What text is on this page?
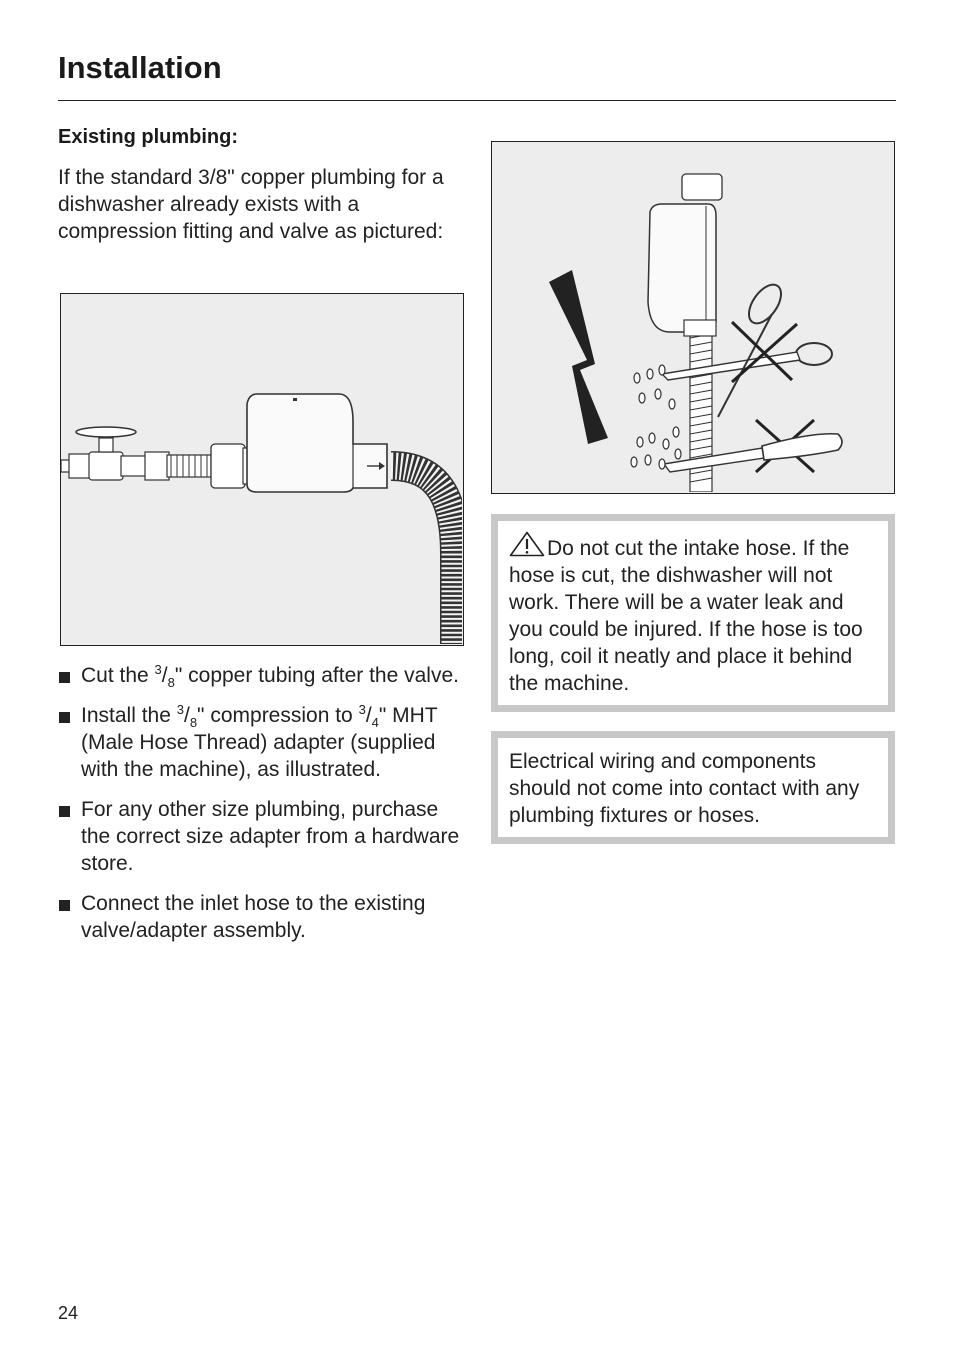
Installation
Existing plumbing:

If the standard 3/8" copper plumbing for a dishwasher already exists with a compression fitting and valve as pictured:

Cut the $^3/_8$" copper tubing after the valve.
Install the $^3/_8$" compression to $^3/_4$" MHT (Male Hose Thread) adapter (supplied with the machine), as illustrated.
For any other size plumbing, purchase the correct size adapter from a hardware store.
Connect the inlet hose to the existing valve/adapter assembly.
Do not cut the intake hose. If the hose is cut, the dishwasher will not work. There will be a water leak and you could be injured. If the hose is too long, coil it neatly and place it behind the machine.
Electrical wiring and components should not come into contact with any plumbing fixtures or hoses.
24
